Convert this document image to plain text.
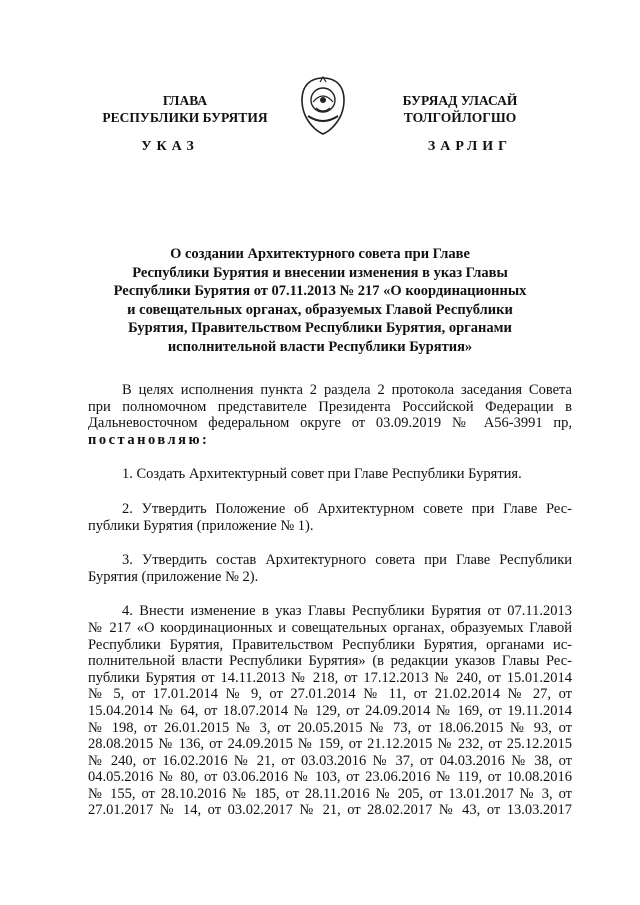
ГЛАВА
РЕСПУБЛИКИ БУРЯТИЯ
БУРЯАД УЛАСАЙ
ТОЛГОЙЛОГШО
УКАЗ	ЗАРЛИГ
О создании Архитектурного совета при Главе
Республики Бурятия и внесении изменения в указ Главы
Республики Бурятия от 07.11.2013 № 217 «О координационных
и совещательных органах, образуемых Главой Республики
Бурятия, Правительством Республики Бурятия, органами
исполнительной власти Республики Бурятия»
В целях исполнения пункта 2 раздела 2 протокола заседания Совета
при полномочном представителе Президента Российской Федерации в
Дальневосточном федеральном округе от 03.09.2019 № А56-3991 пр,
постановляю:
1. Создать Архитектурный совет при Главе Республики Бурятия.
2. Утвердить Положение об Архитектурном совете при Главе Рес-
публики Бурятия (приложение № 1).
3. Утвердить состав Архитектурного совета при Главе Республики
Бурятия (приложение № 2).
4. Внести изменение в указ Главы Республики Бурятия от 07.11.2013
№ 217 «О координационных и совещательных органах, образуемых Главой
Республики Бурятия, Правительством Республики Бурятия, органами ис-
полнительной власти Республики Бурятия» (в редакции указов Главы Рес-
публики Бурятия от 14.11.2013 № 218, от 17.12.2013 № 240, от 15.01.2014
№ 5, от 17.01.2014 № 9, от 27.01.2014 № 11, от 21.02.2014 № 27, от
15.04.2014 № 64, от 18.07.2014 № 129, от 24.09.2014 № 169, от 19.11.2014
№ 198, от 26.01.2015 № 3, от 20.05.2015 № 73, от 18.06.2015 № 93, от
28.08.2015 № 136, от 24.09.2015 № 159, от 21.12.2015 № 232, от 25.12.2015
№ 240, от 16.02.2016 № 21, от 03.03.2016 № 37, от 04.03.2016 № 38, от
04.05.2016 № 80, от 03.06.2016 № 103, от 23.06.2016 № 119, от 10.08.2016
№ 155, от 28.10.2016 № 185, от 28.11.2016 № 205, от 13.01.2017 № 3, от
27.01.2017 № 14, от 03.02.2017 № 21, от 28.02.2017 № 43, от 13.03.2017
